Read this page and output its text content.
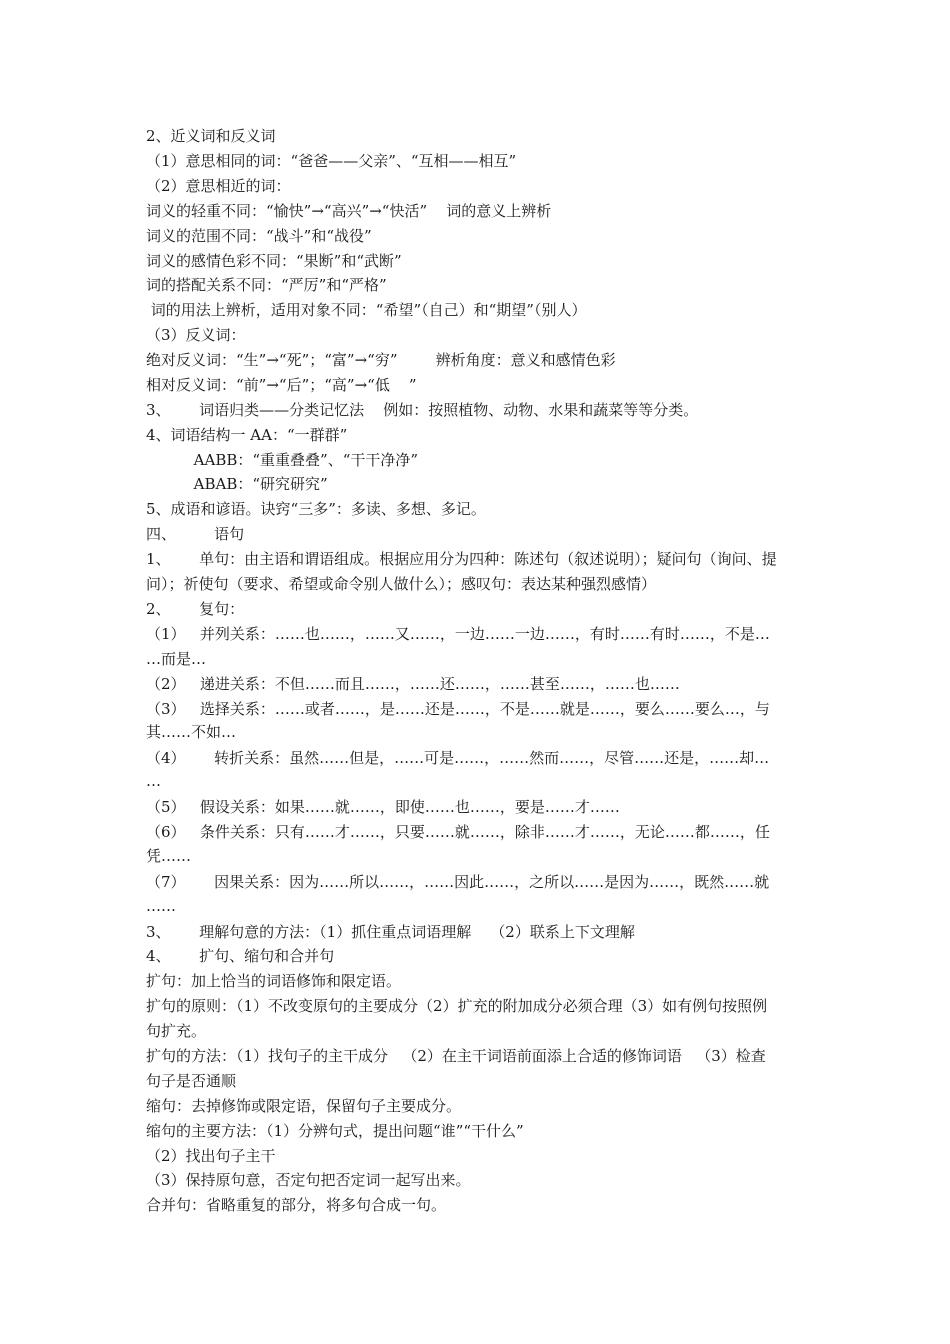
2、近义词和反义词

（1）意思相同的词：“爸爸——父亲”、“互相——相互”

（2）意思相近的词：

词义的轻重不同：“愉快”→“高兴”→“快活”    词的意义上辨析

词义的范围不同：“战斗”和“战役”

词义的感情色彩不同：“果断”和“武断”

词的搭配关系不同：“严厉”和“严格”

词的用法上辨析，适用对象不同：“希望”（自己）和“期望”（别人）

（3）反义词：

绝对反义词：“生”→“死”；“富”→“穷”        辨析角度：意义和感情色彩

相对反义词：“前”→“后”；“高”→“低    ”

3、      词语归类——分类记忆法    例如：按照植物、动物、水果和蔬菜等等分类。

4、词语结构一 AA：“一群群”

AABB：“重重叠叠”、“干干净净”

ABAB：“研究研究”

5、成语和谚语。诀窍“三多”：多读、多想、多记。

四、        语句

1、      单句：由主语和谓语组成。根据应用分为四种：陈述句（叙述说明）；疑问句（询问、提

问）；祈使句（要求、希望或命令别人做什么）；感叹句：表达某种强烈感情）

2、      复句：

（1）   并列关系：……也……，……又……，一边……一边……，有时……有时……，不是…

…而是…

（2）   递进关系：不但……而且……，……还……，……甚至……，……也……

（3）   选择关系：……或者……，是……还是……，不是……就是……，要么……要么…，与

其……不如…

（4）      转折关系：虽然……但是，……可是……，……然而……，尽管……还是，……却…

…

（5）   假设关系：如果……就……，即使……也……，要是……才……

（6）   条件关系：只有……才……，只要……就……，除非……才……，无论……都……，任

凭……

（7）      因果关系：因为……所以……，……因此……，之所以……是因为……，既然……就

……

3、      理解句意的方法：（1）抓住重点词语理解    （2）联系上下文理解

4、      扩句、缩句和合并句

扩句：加上恰当的词语修饰和限定语。

扩句的原则：（1）不改变原句的主要成分（2）扩充的附加成分必须合理（3）如有例句按照例

句扩充。

扩句的方法：（1）找句子的主干成分   （2）在主干词语前面添上合适的修饰词语   （3）检查

句子是否通顺

缩句：去掉修饰或限定语，保留句子主要成分。

缩句的主要方法：（1）分辨句式，提出问题“谁”“干什么”

（2）找出句子主干

（3）保持原句意，否定句把否定词一起写出来。

合并句：省略重复的部分，将多句合成一句。
